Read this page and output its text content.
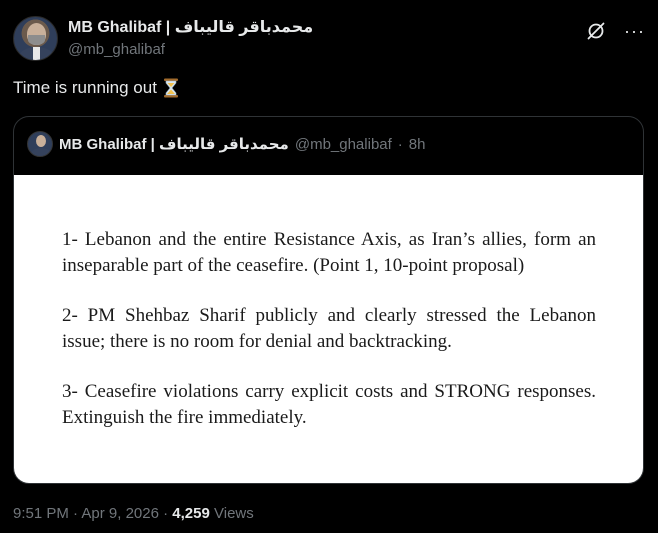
محمدباقر قالیباف | MB Ghalibaf
@mb_ghalibaf
···
Time is running out
محمدباقر قالیباف | MB Ghalibaf @mb_ghalibaf · 8h

1- Lebanon and the entire Resistance Axis, as Iran’s allies, form an inseparable part of the ceasefire. (Point 1, 10-point proposal)

2- PM Shehbaz Sharif publicly and clearly stressed the Lebanon issue; there is no room for denial and backtracking.

3- Ceasefire violations carry explicit costs and STRONG responses. Extinguish the fire immediately.

9:51 PM · Apr 9, 2026 · 4,259 Views
